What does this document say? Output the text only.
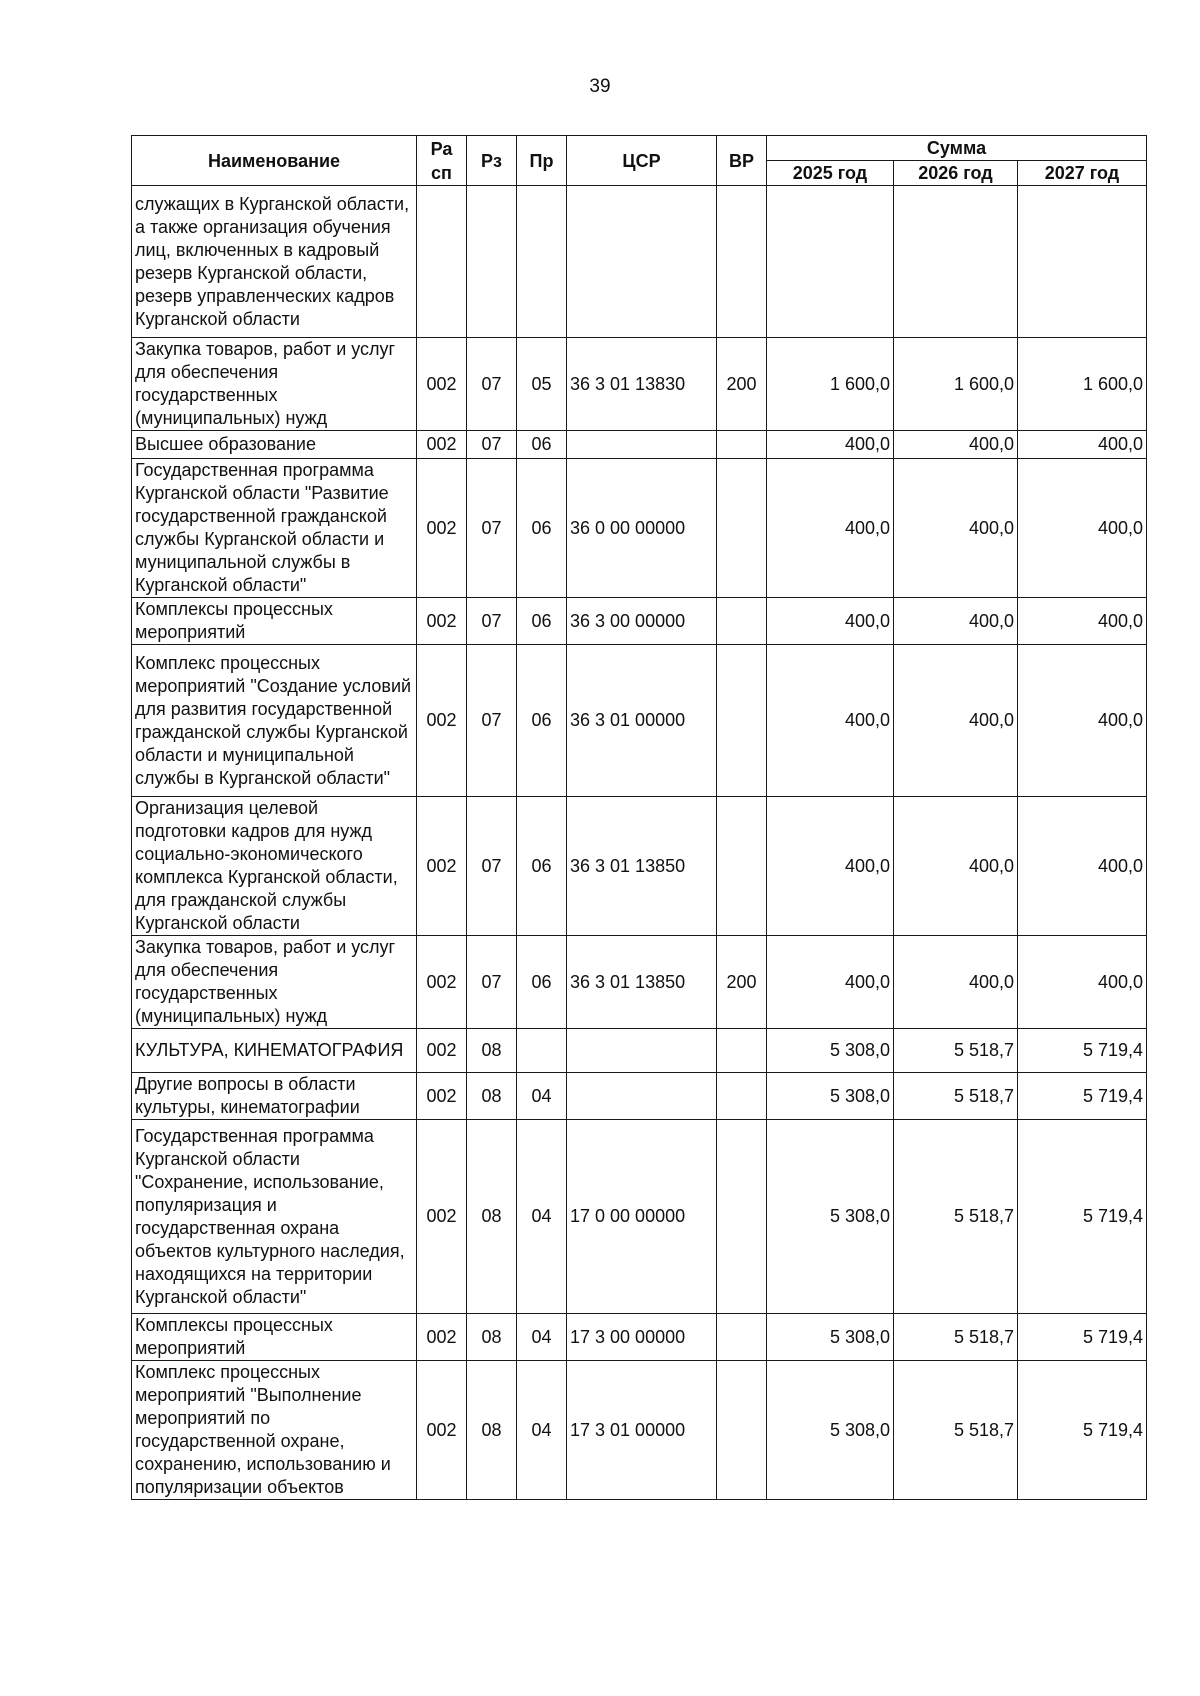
39
Наименование	Ра сп	Рз	Пр	ЦСР	ВР	Сумма		
						2025 год	2026 год	2027 год
служащих в Курганской области, а также организация обучения лиц, включенных в кадровый резерв Курганской области, резерв управленческих кадров Курганской области								
Закупка товаров, работ и услуг для обеспечения государственных (муниципальных) нужд	002	07	05	36 3 01 13830	200	1 600,0	1 600,0	1 600,0
Высшее образование	002	07	06			400,0	400,0	400,0
Государственная программа Курганской области "Развитие государственной гражданской службы Курганской области и муниципальной службы в Курганской области"	002	07	06	36 0 00 00000		400,0	400,0	400,0
Комплексы процессных мероприятий	002	07	06	36 3 00 00000		400,0	400,0	400,0
Комплекс процессных мероприятий "Создание условий для развития государственной гражданской службы Курганской области и муниципальной службы в Курганской области"	002	07	06	36 3 01 00000		400,0	400,0	400,0
Организация целевой подготовки кадров для нужд социально-экономического комплекса Курганской области, для гражданской службы Курганской области	002	07	06	36 3 01 13850		400,0	400,0	400,0
Закупка товаров, работ и услуг для обеспечения государственных (муниципальных) нужд	002	07	06	36 3 01 13850	200	400,0	400,0	400,0
КУЛЬТУРА, КИНЕМАТОГРАФИЯ	002	08				5 308,0	5 518,7	5 719,4
Другие вопросы в области культуры, кинематографии	002	08	04			5 308,0	5 518,7	5 719,4
Государственная программа Курганской области "Сохранение, использование, популяризация и государственная охрана объектов культурного наследия, находящихся на территории Курганской области"	002	08	04	17 0 00 00000		5 308,0	5 518,7	5 719,4
Комплексы процессных мероприятий	002	08	04	17 3 00 00000		5 308,0	5 518,7	5 719,4
Комплекс процессных мероприятий "Выполнение мероприятий по государственной охране, сохранению, использованию и популяризации объектов	002	08	04	17 3 01 00000		5 308,0	5 518,7	5 719,4
